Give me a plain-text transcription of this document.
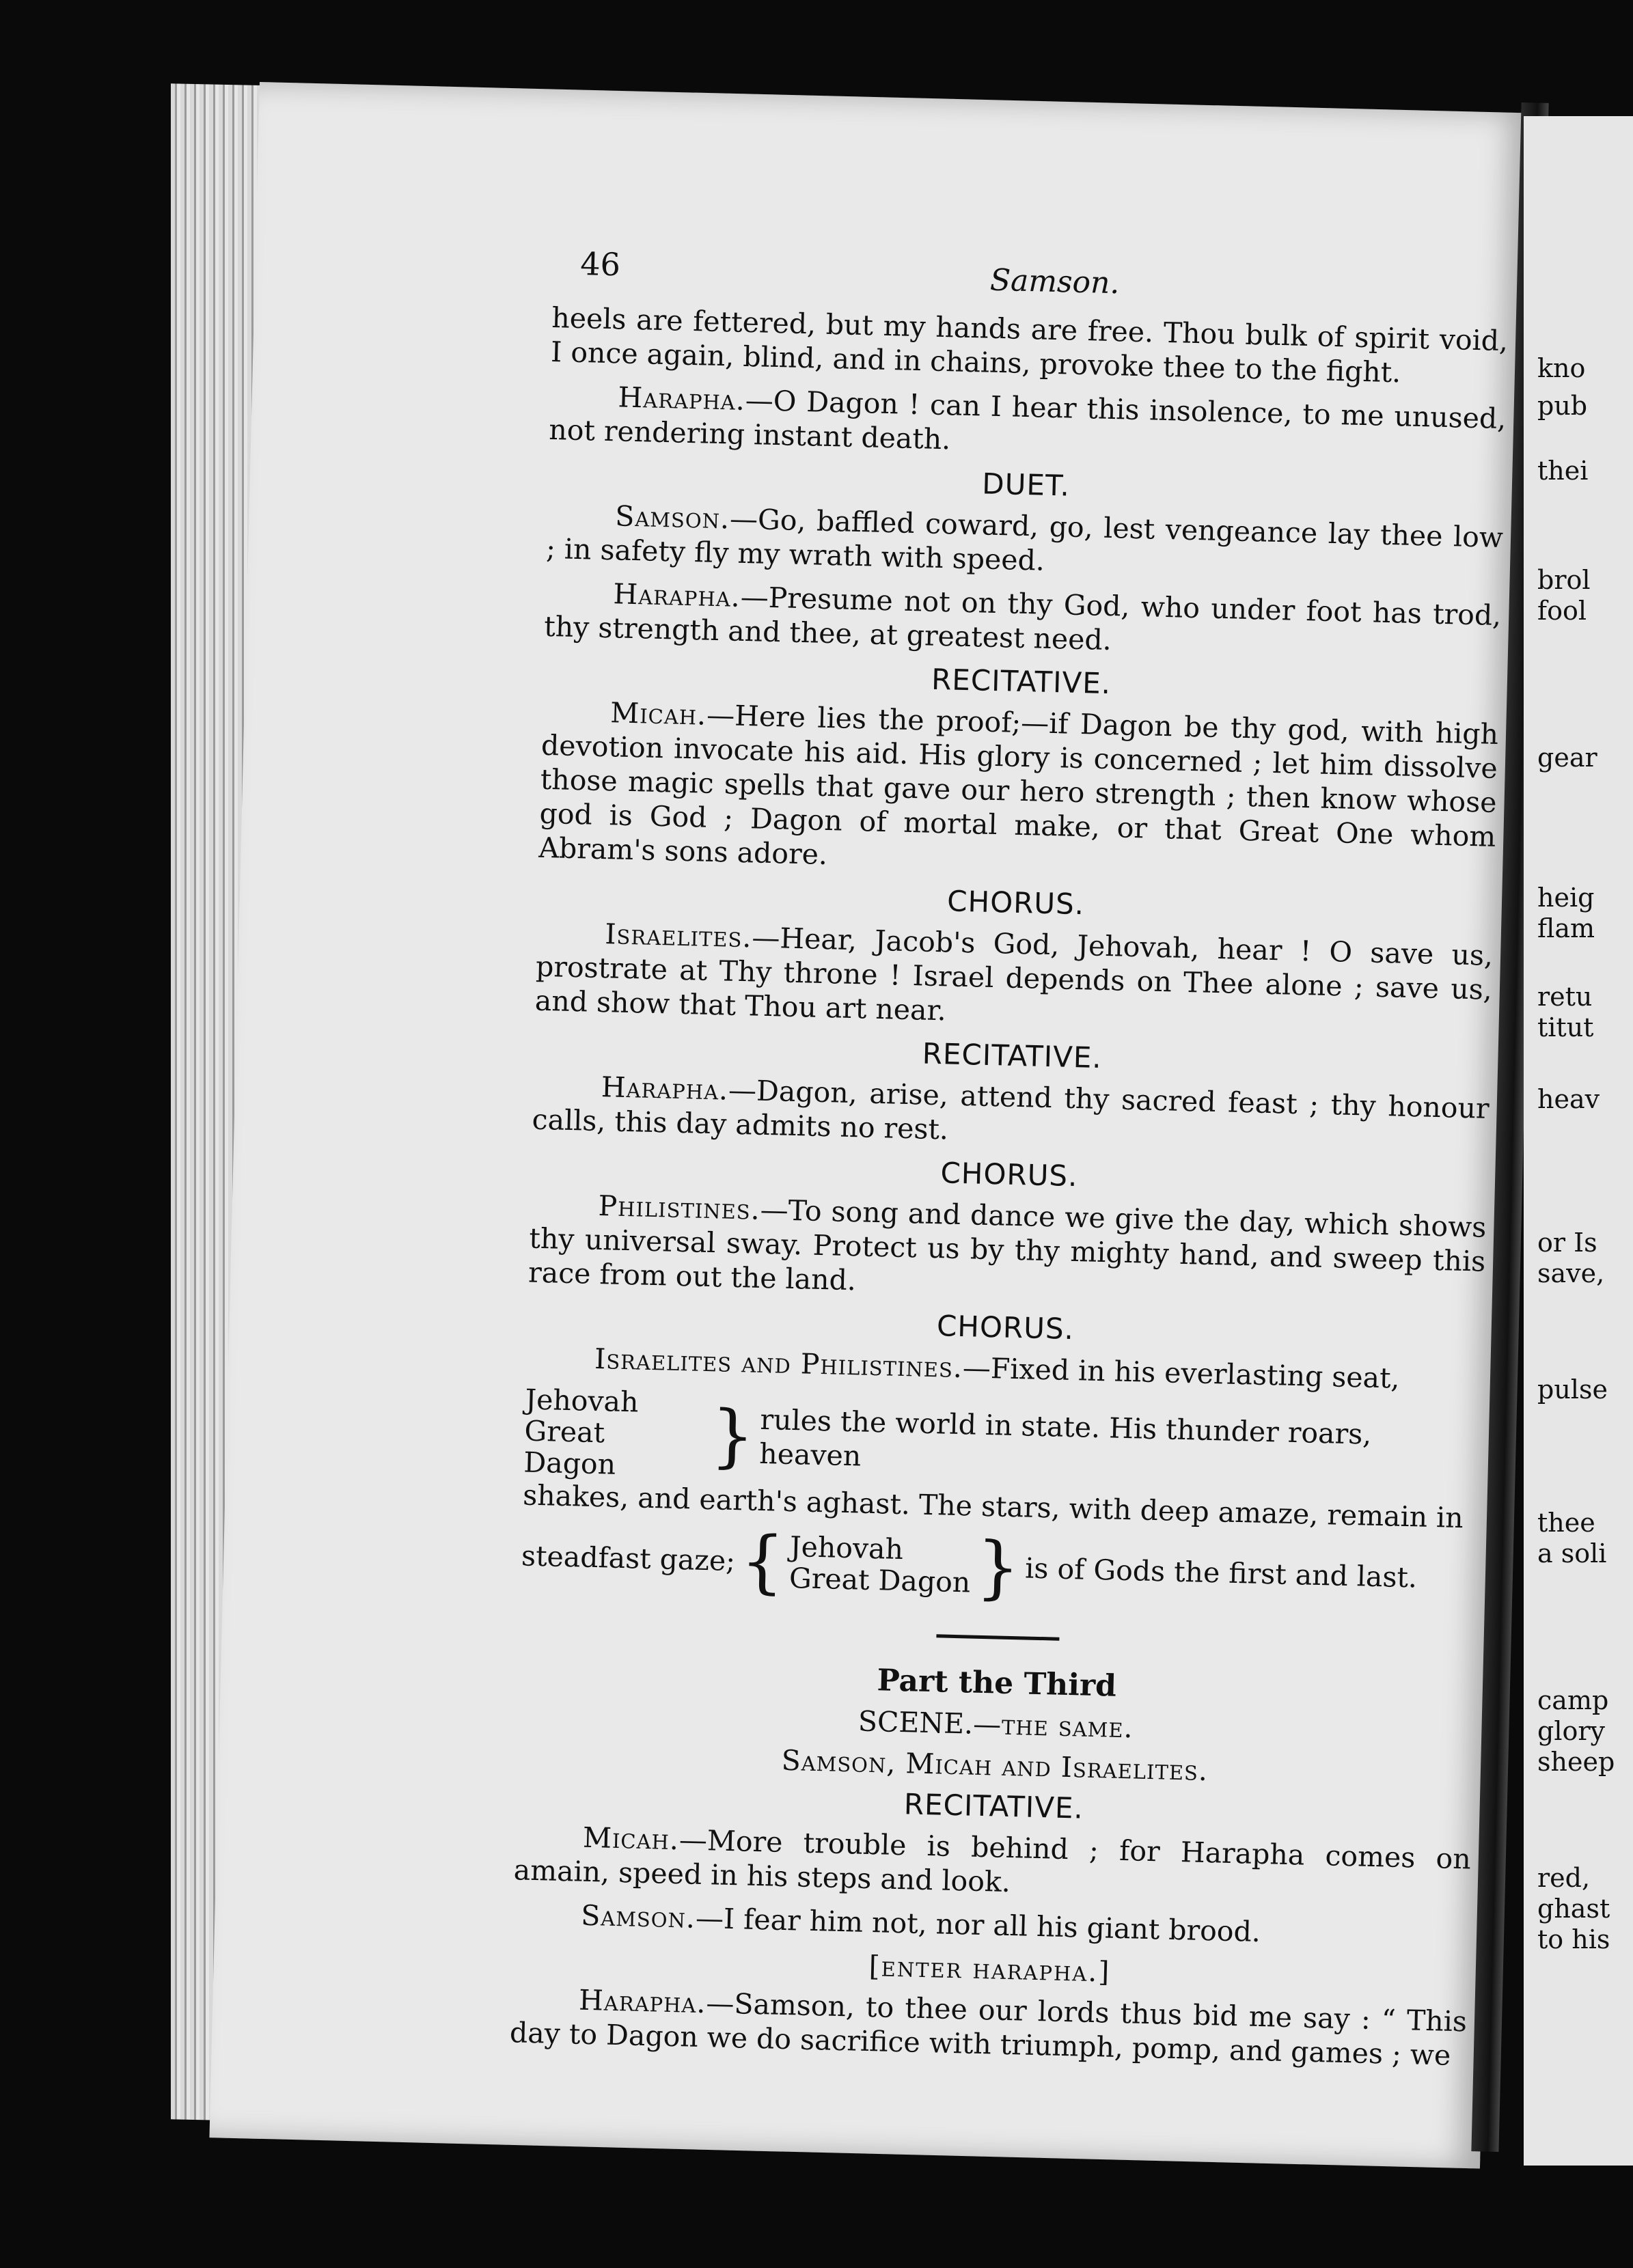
kno
pub
thei
brol
fool
gear
heig
flam
retu
titut
heav
or Is
save,
pulse
thee
a soli
camp
glory
sheep
red,
ghast
to his
46	Samson.

heels are fettered, but my hands are free. Thou bulk of spirit void, I once again, blind, and in chains, provoke thee to the fight.

Harapha.—O Dagon ! can I hear this insolence, to me unused, not rendering instant death.

DUET.

Samson.—Go, baffled coward, go, lest vengeance lay thee low ; in safety fly my wrath with speed.

Harapha.—Presume not on thy God, who under foot has trod, thy strength and thee, at greatest need.

RECITATIVE.

Micah.—Here lies the proof;—if Dagon be thy god, with high devotion invocate his aid. His glory is concerned ; let him dissolve those magic spells that gave our hero strength ; then know whose god is God ; Dagon of mortal make, or that Great One whom Abram's sons adore.

CHORUS.

Israelites.—Hear, Jacob's God, Jehovah, hear ! O save us, prostrate at Thy throne ! Israel depends on Thee alone ; save us, and show that Thou art near.

RECITATIVE.

Harapha.—Dagon, arise, attend thy sacred feast ; thy honour calls, this day admits no rest.

CHORUS.

Philistines.—To song and dance we give the day, which shows thy universal sway. Protect us by thy mighty hand, and sweep this race from out the land.

CHORUS.

Israelites and Philistines.—Fixed in his everlasting seat,

Jehovah
Great Dagon	} rules the world in state. His thunder roars, heaven

shakes, and earth's aghast. The stars, with deep amaze, remain in

steadfast gaze; { Jehovah
Great Dagon } is of Gods the first and last.
Part the Third
SCENE.—the same.
Samson, Micah and Israelites.
RECITATIVE.

Micah.—More trouble is behind ; for Harapha comes on amain, speed in his steps and look.

Samson.—I fear him not, nor all his giant brood.

[enter harapha.]

Harapha.—Samson, to thee our lords thus bid me say : “ This day to Dagon we do sacrifice with triumph, pomp, and games ; we
